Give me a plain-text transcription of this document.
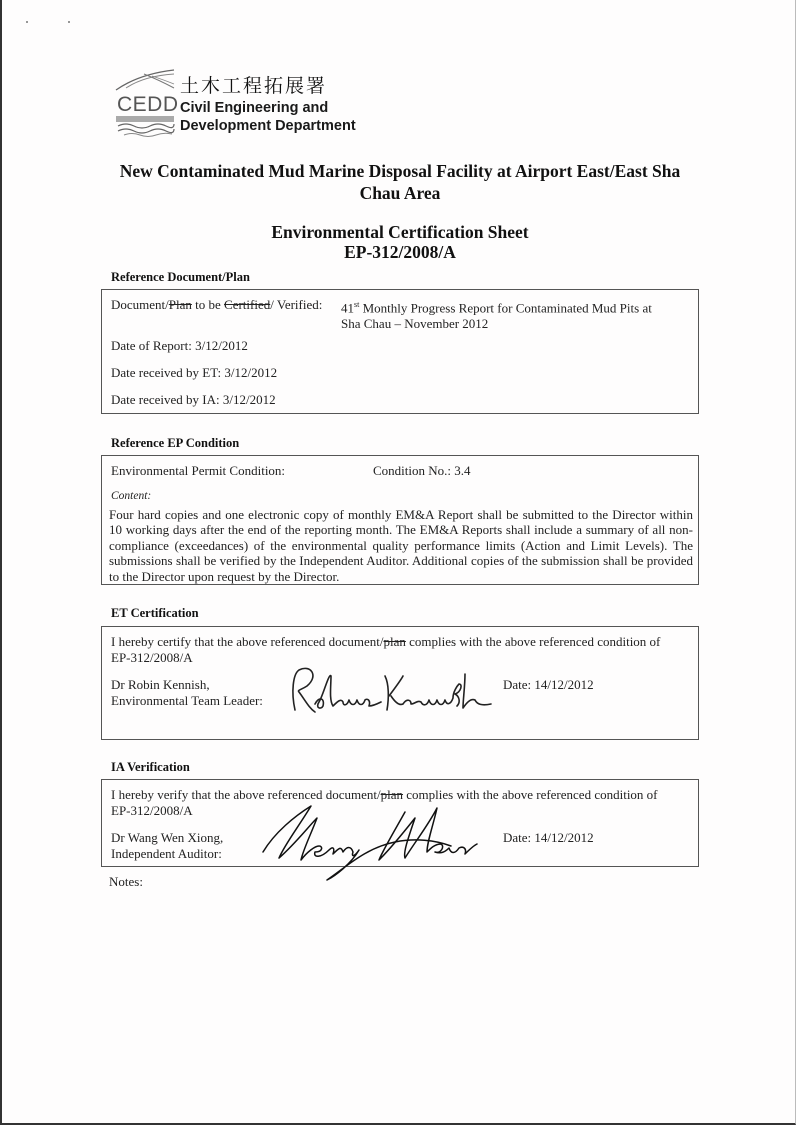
CEDD
土木工程拓展署
Civil Engineering and
Development Department
New Contaminated Mud Marine Disposal Facility at Airport East/East Sha
Chau Area
Environmental Certification Sheet
EP-312/2008/A
Reference Document/Plan
Document/Plan to be Certified/ Verified: 41st Monthly Progress Report for Contaminated Mud Pits at
Sha Chau – November 2012
Date of Report: 3/12/2012
Date received by ET: 3/12/2012
Date received by IA: 3/12/2012
Reference EP Condition
Environmental Permit Condition:	Condition No.: 3.4
Content:
Four hard copies and one electronic copy of monthly EM&A Report shall be submitted to the Director within 10 working days after the end of the reporting month. The EM&A Reports shall include a summary of all non-compliance (exceedances) of the environmental quality performance limits (Action and Limit Levels). The submissions shall be verified by the Independent Auditor. Additional copies of the submission shall be provided to the Director upon request by the Director.
ET Certification
I hereby certify that the above referenced document/plan complies with the above referenced condition of
EP-312/2008/A
Dr Robin Kennish,
Environmental Team Leader:
Date: 14/12/2012
IA Verification
I hereby verify that the above referenced document/plan complies with the above referenced condition of
EP-312/2008/A
Dr Wang Wen Xiong,
Independent Auditor:
Date: 14/12/2012
Notes:
